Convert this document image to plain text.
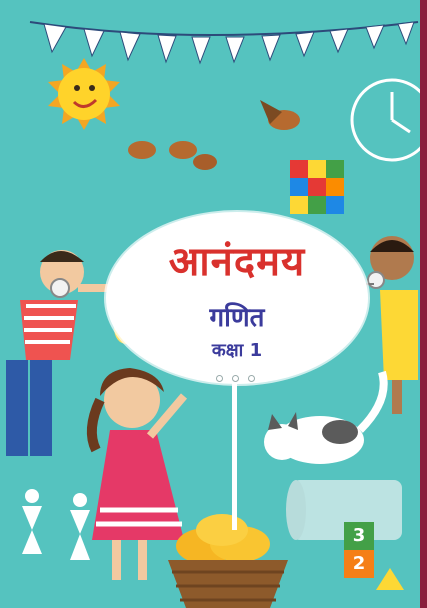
आनंदमय
गणित
कक्षा 1
3
2
